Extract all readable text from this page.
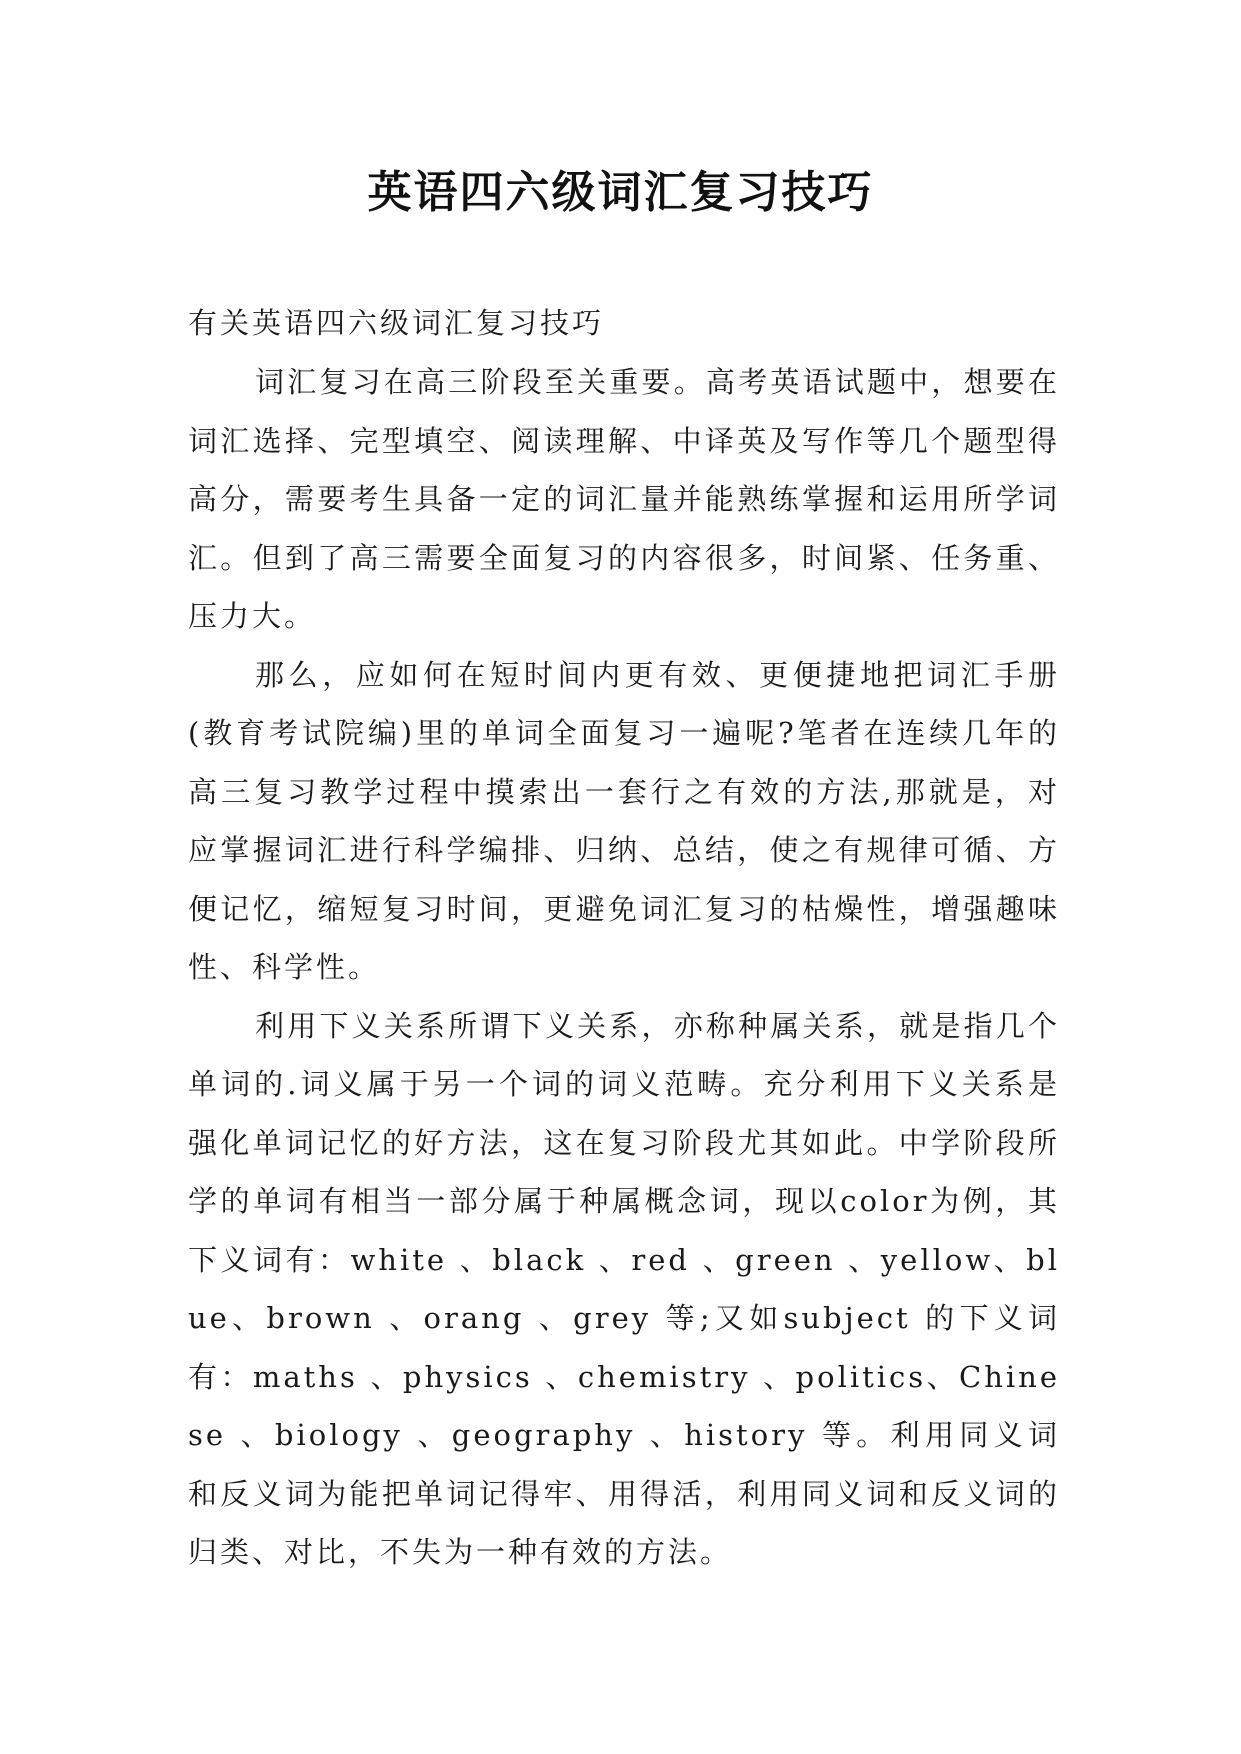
英语四六级词汇复习技巧

有关英语四六级词汇复习技巧

词汇复习在高三阶段至关重要。高考英语试题中，想要在词汇选择、完型填空、阅读理解、中译英及写作等几个题型得高分，需要考生具备一定的词汇量并能熟练掌握和运用所学词汇。但到了高三需要全面复习的内容很多，时间紧、任务重、压力大。

那么，应如何在短时间内更有效、更便捷地把词汇手册(教育考试院编)里的单词全面复习一遍呢?笔者在连续几年的高三复习教学过程中摸索出一套行之有效的方法,那就是，对应掌握词汇进行科学编排、归纳、总结，使之有规律可循、方便记忆，缩短复习时间，更避免词汇复习的枯燥性，增强趣味性、科学性。

利用下义关系所谓下义关系，亦称种属关系，就是指几个单词的.词义属于另一个词的词义范畴。充分利用下义关系是强化单词记忆的好方法，这在复习阶段尤其如此。中学阶段所学的单词有相当一部分属于种属概念词，现以color为例，其下义词有：white 、black 、red 、green 、yellow、blue、brown 、orang 、grey 等;又如subject 的下义词有：maths 、physics 、chemistry 、politics、Chinese 、biology 、geography 、history 等。利用同义词和反义词为能把单词记得牢、用得活，利用同义词和反义词的归类、对比，不失为一种有效的方法。
